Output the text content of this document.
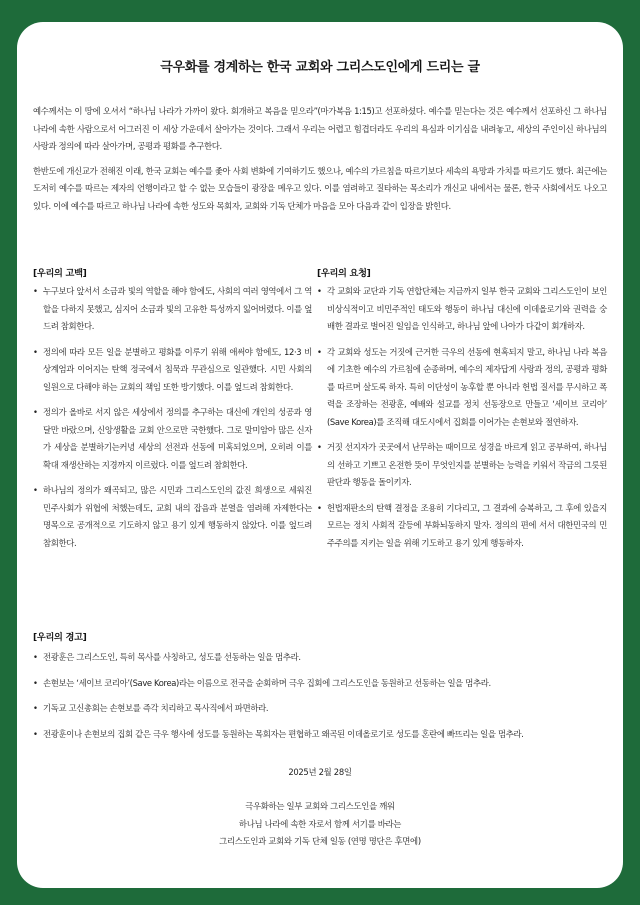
극우화를 경계하는 한국 교회와 그리스도인에게 드리는 글

예수께서는 이 땅에 오셔서 “하나님 나라가 가까이 왔다. 회개하고 복음을 믿으라”(마가복음 1:15)고 선포하셨다. 예수를 믿는다는 것은 예수께서 선포하신 그 하나님 나라에 속한 사람으로서 어그러진 이 세상 가운데서 살아가는 것이다. 그래서 우리는 어렵고 힘겹더라도 우리의 욕심과 이기심을 내려놓고, 세상의 주인이신 하나님의 사랑과 정의에 따라 살아가며, 공평과 평화를 추구한다.

한반도에 개신교가 전해진 이래, 한국 교회는 예수를 좇아 사회 변화에 기여하기도 했으나, 예수의 가르침을 따르기보다 세속의 욕망과 가치를 따르기도 했다. 최근에는 도저히 예수를 따르는 제자의 언행이라고 할 수 없는 모습들이 광장을 메우고 있다. 이를 염려하고 질타하는 목소리가 개신교 내에서는 물론, 한국 사회에서도 나오고 있다. 이에 예수를 따르고 하나님 나라에 속한 성도와 목회자, 교회와 기독 단체가 마음을 모아 다음과 같이 입장을 밝힌다.

[우리의 고백]
• 누구보다 앞서서 소금과 빛의 역할을 해야 함에도, 사회의 여러 영역에서 그 역할을 다하지 못했고, 심지어 소금과 빛의 고유한 특성까지 잃어버렸다. 이를 엎드려 참회한다.
• 정의에 따라 모든 일을 분별하고 평화를 이루기 위해 애써야 함에도, 12·3 비상계엄과 이어지는 탄핵 정국에서 침묵과 무관심으로 일관했다. 시민 사회의 일원으로 다해야 하는 교회의 책임 또한 방기했다. 이를 엎드려 참회한다.
• 정의가 올바로 서지 않은 세상에서 정의를 추구하는 대신에 개인의 성공과 영달만 바랐으며, 신앙생활을 교회 안으로만 국한했다. 그로 말미암아 많은 신자가 세상을 분별하기는커녕 세상의 선전과 선동에 미혹되었으며, 오히려 이를 확대 재생산하는 지경까지 이르렀다. 이를 엎드려 참회한다.
• 하나님의 정의가 왜곡되고, 많은 시민과 그리스도인의 값진 희생으로 세워진 민주사회가 위협에 처했는데도, 교회 내의 잡음과 분열을 염려해 자제한다는 명목으로 공개적으로 기도하지 않고 용기 있게 행동하지 않았다. 이를 엎드려 참회한다.
[우리의 요청]
• 각 교회와 교단과 기독 연합단체는 지금까지 일부 한국 교회와 그리스도인이 보인 비상식적이고 비민주적인 태도와 행동이 하나님 대신에 이데올로기와 권력을 숭배한 결과로 벌어진 일임을 인식하고, 하나님 앞에 나아가 다같이 회개하자.
• 각 교회와 성도는 거짓에 근거한 극우의 선동에 현혹되지 말고, 하나님 나라 복음에 기초한 예수의 가르침에 순종하며, 예수의 제자답게 사랑과 정의, 공평과 평화를 따르며 살도록 하자. 특히 이단성이 농후할 뿐 아니라 헌법 질서를 무시하고 폭력을 조장하는 전광훈, 예배와 설교를 정치 선동장으로 만들고 ‘세이브 코리아’ (Save Korea)를 조직해 대도시에서 집회를 이어가는 손현보와 절연하자.
• 거짓 선지자가 곳곳에서 난무하는 때이므로 성경을 바르게 읽고 공부하여, 하나님의 선하고 기쁘고 온전한 뜻이 무엇인지를 분별하는 능력을 키워서 작금의 그릇된 판단과 행동을 돌이키자.
• 헌법재판소의 탄핵 결정을 조용히 기다리고, 그 결과에 승복하고, 그 후에 있을지 모르는 정치 사회적 갈등에 부화뇌동하지 말자. 정의의 편에 서서 대한민국의 민주주의를 지키는 일을 위해 기도하고 용기 있게 행동하자.
[우리의 경고]
• 전광훈은 그리스도인, 특히 목사를 사칭하고, 성도를 선동하는 일을 멈추라.
• 손현보는 ‘세이브 코리아’(Save Korea)라는 이름으로 전국을 순회하며 극우 집회에 그리스도인을 동원하고 선동하는 일을 멈추라.
• 기독교 고신총회는 손현보를 즉각 치리하고 목사직에서 파면하라.
• 전광훈이나 손현보의 집회 같은 극우 행사에 성도를 동원하는 목회자는 편협하고 왜곡된 이데올로기로 성도를 혼란에 빠뜨리는 일을 멈추라.
2025년 2월 28일
극우화하는 일부 교회와 그리스도인을 깨워
하나님 나라에 속한 자로서 함께 서기를 바라는
그리스도인과 교회와 기독 단체 일동 (연명 명단은 후면에)
